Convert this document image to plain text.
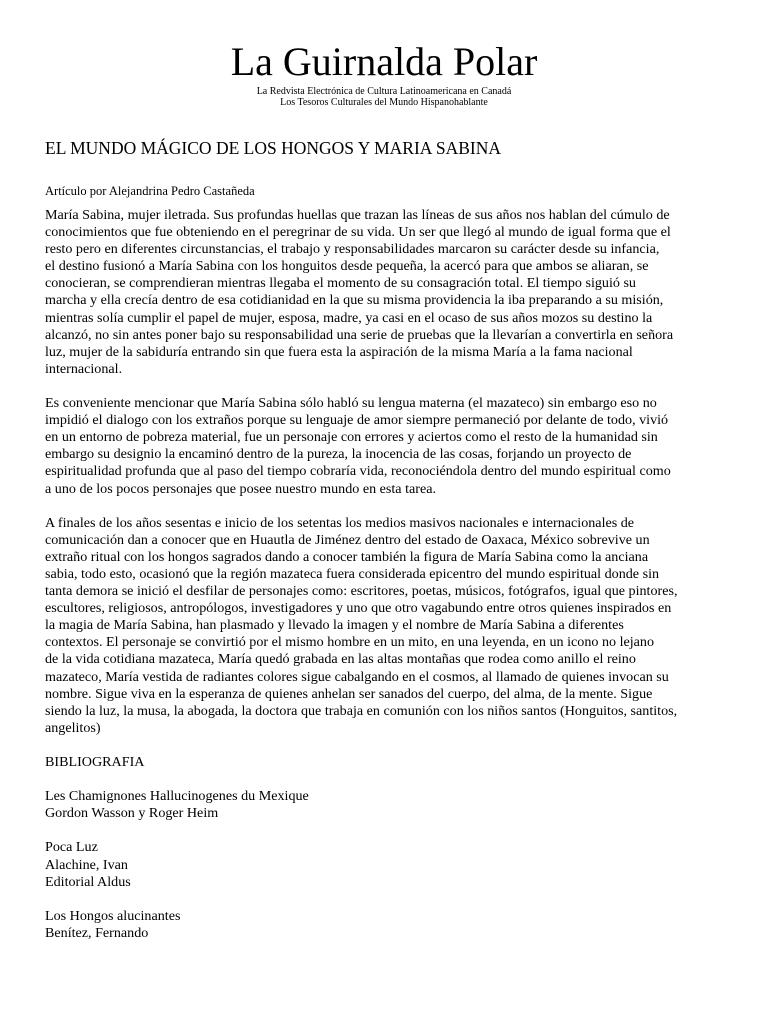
La Guirnalda Polar

La Redvista Electrónica de Cultura Latinoamericana en Canadá

Los Tesoros Culturales del Mundo Hispanohablante

EL MUNDO MÁGICO DE LOS HONGOS Y MARIA SABINA

Artículo por Alejandrina Pedro Castañeda

María Sabina, mujer iletrada. Sus profundas huellas que trazan las líneas de sus años nos hablan del cúmulo de
conocimientos que fue obteniendo en el peregrinar de su vida. Un ser que llegó al mundo de igual forma que el
resto pero en diferentes circunstancias, el trabajo y responsabilidades marcaron su carácter desde su infancia,
el destino fusionó a María Sabina con los honguitos desde pequeña, la acercó para que ambos se aliaran, se
conocieran, se comprendieran mientras llegaba el momento de su consagración total. El tiempo siguió su
marcha y ella crecía dentro de esa cotidianidad en la que su misma providencia la iba preparando a su misión,
mientras solía cumplir el papel de mujer, esposa, madre, ya casi en el ocaso de sus años mozos su destino la
alcanzó, no sin antes poner bajo su responsabilidad una serie de pruebas que la llevarían a convertirla en señora
luz, mujer de la sabiduría entrando sin que fuera esta la aspiración de la misma María a la fama nacional
internacional.
Es conveniente mencionar que María Sabina sólo habló su lengua materna (el mazateco) sin embargo eso no
impidió el dialogo con los extraños porque su lenguaje de amor siempre permaneció por delante de todo, vivió
en un entorno de pobreza material, fue un personaje con errores y aciertos como el resto de la humanidad sin
embargo su designio la encaminó dentro de la pureza, la inocencia de las cosas, forjando un proyecto de
espiritualidad profunda que al paso del tiempo cobraría vida, reconociéndola dentro del mundo espiritual como
a uno de los pocos personajes que posee nuestro mundo en esta tarea.
A finales de los años sesentas e inicio de los setentas los medios masivos nacionales e internacionales de
comunicación dan a conocer que en Huautla de Jiménez dentro del estado de Oaxaca, México sobrevive un
extraño ritual con los hongos sagrados dando a conocer también la figura de María Sabina como la anciana
sabia, todo esto, ocasionó que la región mazateca fuera considerada epicentro del mundo espiritual donde sin
tanta demora se inició el desfilar de personajes como: escritores, poetas, músicos, fotógrafos, igual que pintores,
escultores, religiosos, antropólogos, investigadores y uno que otro vagabundo entre otros quienes inspirados en
la magia de María Sabina, han plasmado y llevado la imagen y el nombre de María Sabina a diferentes
contextos. El personaje se convirtió por el mismo hombre en un mito, en una leyenda, en un icono no lejano
de la vida cotidiana mazateca, María quedó grabada en las altas montañas que rodea como anillo el reino
mazateco, María vestida de radiantes colores sigue cabalgando en el cosmos, al llamado de quienes invocan su
nombre. Sigue viva en la esperanza de quienes anhelan ser sanados del cuerpo, del alma, de la mente. Sigue
siendo la luz, la musa, la abogada, la doctora que trabaja en comunión con los niños santos (Honguitos, santitos,
angelitos)
BIBLIOGRAFIA
Les Chamignones Hallucinogenes du Mexique
Gordon Wasson y Roger Heim
Poca Luz
Alachine, Ivan
Editorial Aldus
Los Hongos alucinantes
Benítez, Fernando
